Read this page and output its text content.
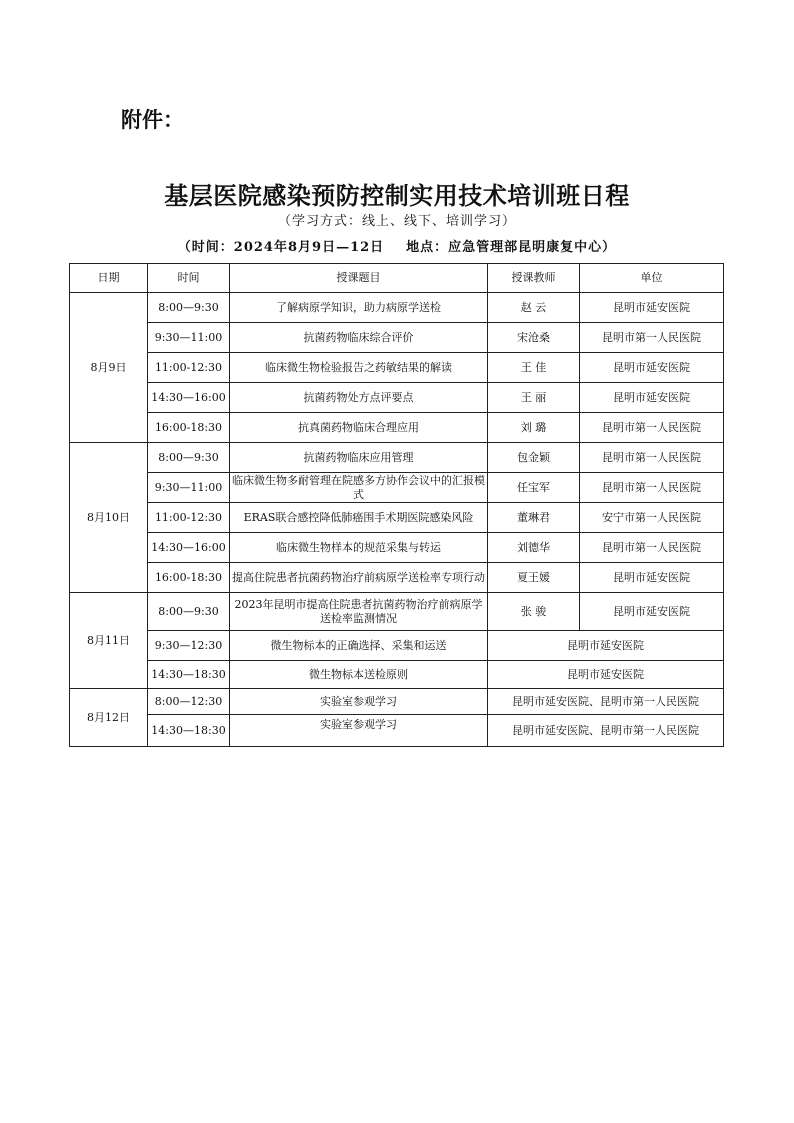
附件：
基层医院感染预防控制实用技术培训班日程
（学习方式：线上、线下、培训学习）
（时间：2024年8月9日—12日 地点：应急管理部昆明康复中心）
日期	时间	授课题目	授课教师	单位
8月9日	8:00—9:30	了解病原学知识，助力病原学送检	赵 云	昆明市延安医院
	9:30—11:00	抗菌药物临床综合评价	宋沧桑	昆明市第一人民医院
	11:00-12:30	临床微生物检验报告之药敏结果的解读	王 佳	昆明市延安医院
	14:30—16:00	抗菌药物处方点评要点	王 丽	昆明市延安医院
	16:00-18:30	抗真菌药物临床合理应用	刘 璐	昆明市第一人民医院
8月10日	8:00—9:30	抗菌药物临床应用管理	包金颖	昆明市第一人民医院
	9:30—11:00	临床微生物多耐管理在院感多方协作会议中的汇报模式	任宝军	昆明市第一人民医院
	11:00-12:30	ERAS联合感控降低肺癌围手术期医院感染风险	董琳君	安宁市第一人民医院
	14:30—16:00	临床微生物样本的规范采集与转运	刘德华	昆明市第一人民医院
	16:00-18:30	提高住院患者抗菌药物治疗前病原学送检率专项行动	夏王媛	昆明市延安医院
8月11日	8:00—9:30	2023年昆明市提高住院患者抗菌药物治疗前病原学送检率监测情况	张 骏	昆明市延安医院
	9:30—12:30	微生物标本的正确选择、采集和运送	昆明市延安医院	
	14:30—18:30	微生物标本送检原则	昆明市延安医院	
8月12日	8:00—12:30	实验室参观学习	昆明市延安医院、昆明市第一人民医院	
	14:30—18:30	实验室参观学习	昆明市延安医院、昆明市第一人民医院	
